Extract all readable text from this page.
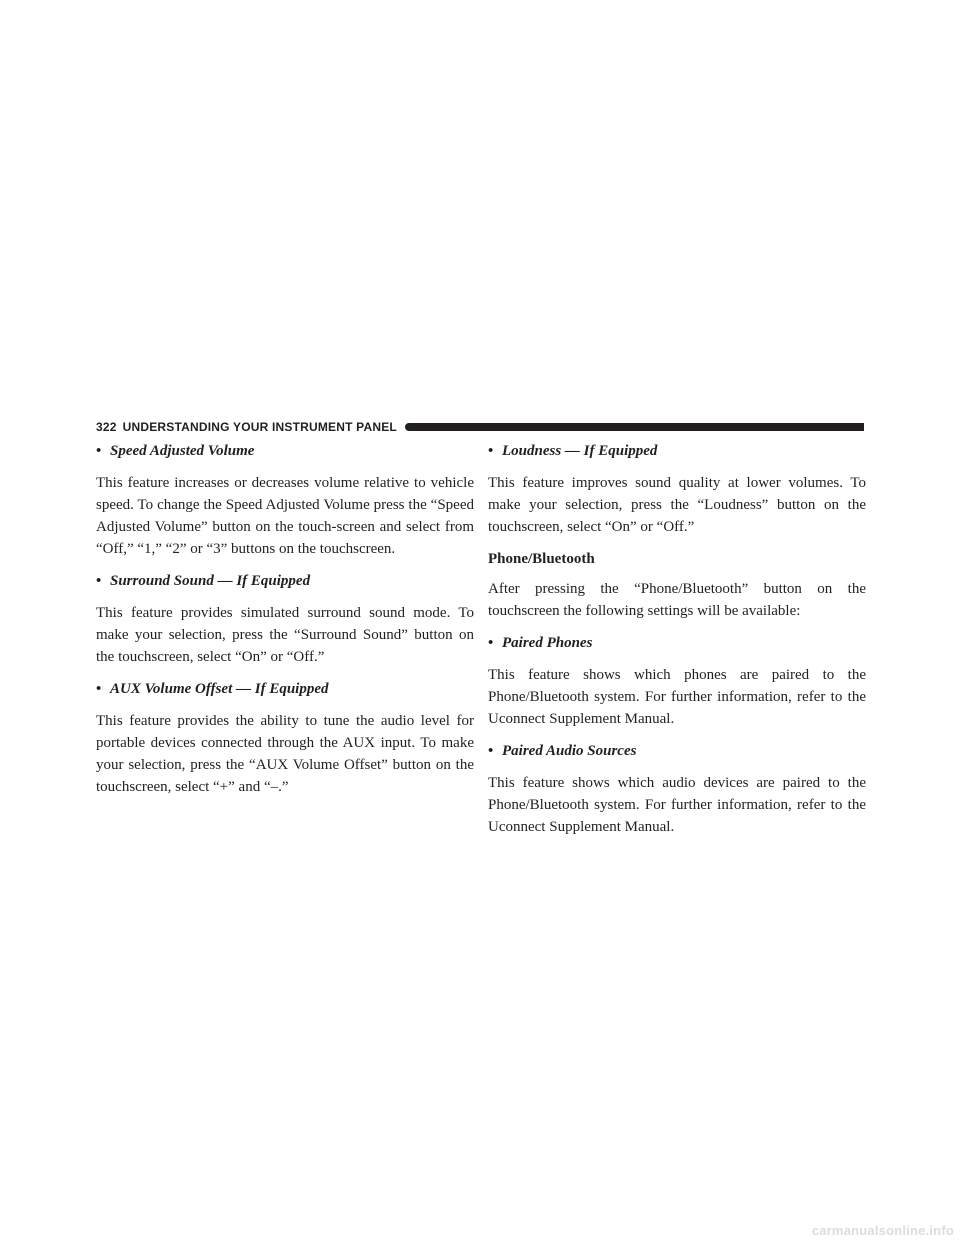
322 UNDERSTANDING YOUR INSTRUMENT PANEL
• Speed Adjusted Volume

This feature increases or decreases volume relative to vehicle speed. To change the Speed Adjusted Volume press the “Speed Adjusted Volume” button on the touch-screen and select from “Off,” “1,” “2” or “3” buttons on the touchscreen.

• Surround Sound — If Equipped

This feature provides simulated surround sound mode. To make your selection, press the “Surround Sound” button on the touchscreen, select “On” or “Off.”

• AUX Volume Offset — If Equipped

This feature provides the ability to tune the audio level for portable devices connected through the AUX input. To make your selection, press the “AUX Volume Offset” button on the touchscreen, select “+” and “–.”

• Loudness — If Equipped

This feature improves sound quality at lower volumes. To make your selection, press the “Loudness” button on the touchscreen, select “On” or “Off.”

Phone/Bluetooth

After pressing the “Phone/Bluetooth” button on the touchscreen the following settings will be available:

• Paired Phones

This feature shows which phones are paired to the Phone/Bluetooth system. For further information, refer to the Uconnect Supplement Manual.

• Paired Audio Sources

This feature shows which audio devices are paired to the Phone/Bluetooth system. For further information, refer to the Uconnect Supplement Manual.

carmanualsonline.info
